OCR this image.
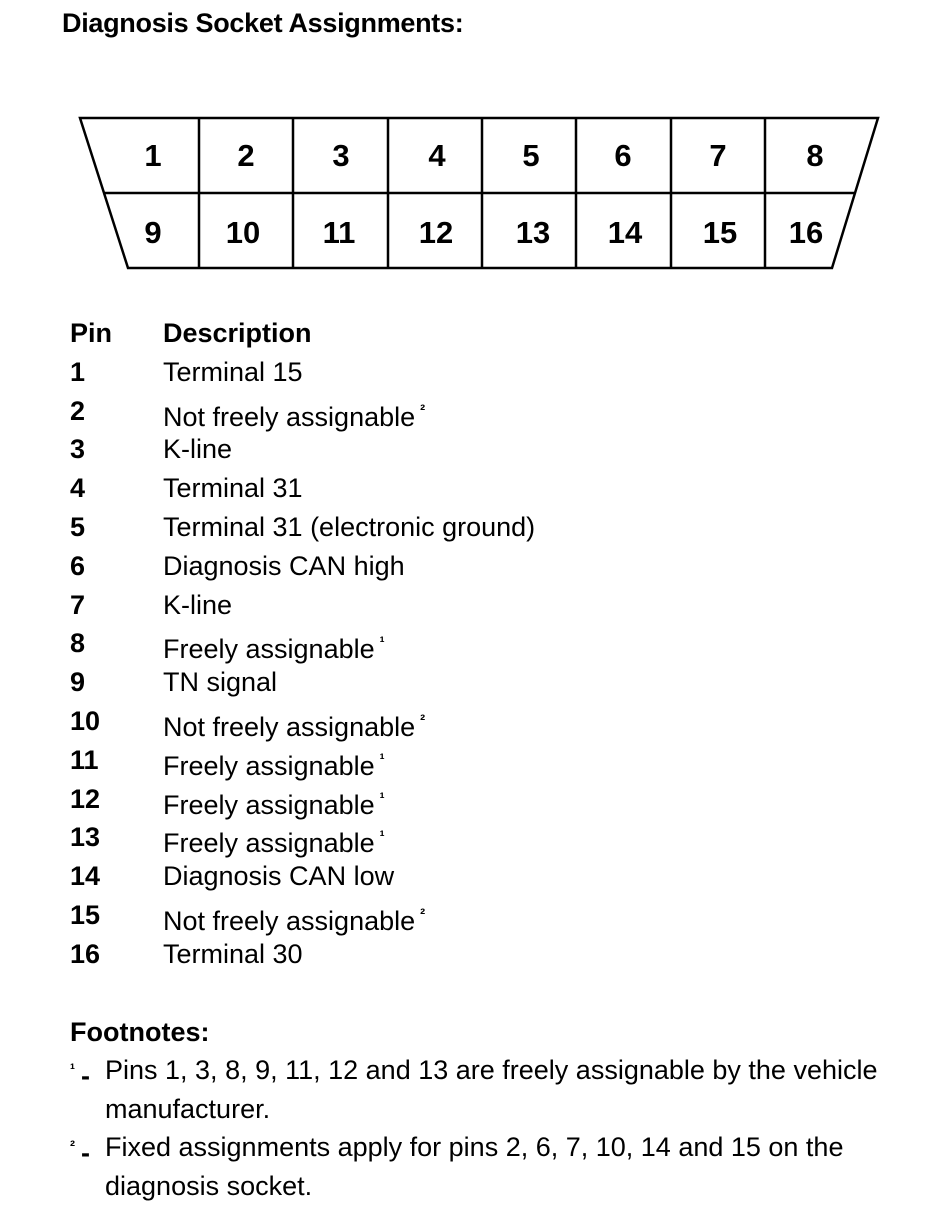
Diagnosis Socket Assignments:
1 2	3	4 5 6	7	8
9 10 11 12 13 14 15 16
Pin Description
1	Terminal 15
2	Not freely assignable $^{^2}$
3	K-line
4	Terminal 31
5	Terminal 31 (electronic ground)
6	Diagnosis CAN high
7	K-line
8	Freely assignable $^{^1}$
9	TN signal
10 Not freely assignable $^{^2}$
11 Freely assignable $^{^1}$
12 Freely assignable $^{^1}$
13 Freely assignable $^{^1}$
14 Diagnosis CAN low
15 Not freely assignable $^{^2}$
16 Terminal 30
Footnotes:
$^{^1}$ - Pins 1, 3, 8, 9, 11, 12 and 13 are freely assignable by the vehicle manufacturer.
$^{^2}$ - Fixed assignments apply for pins 2, 6, 7, 10, 14 and 15 on the diagnosis socket.
